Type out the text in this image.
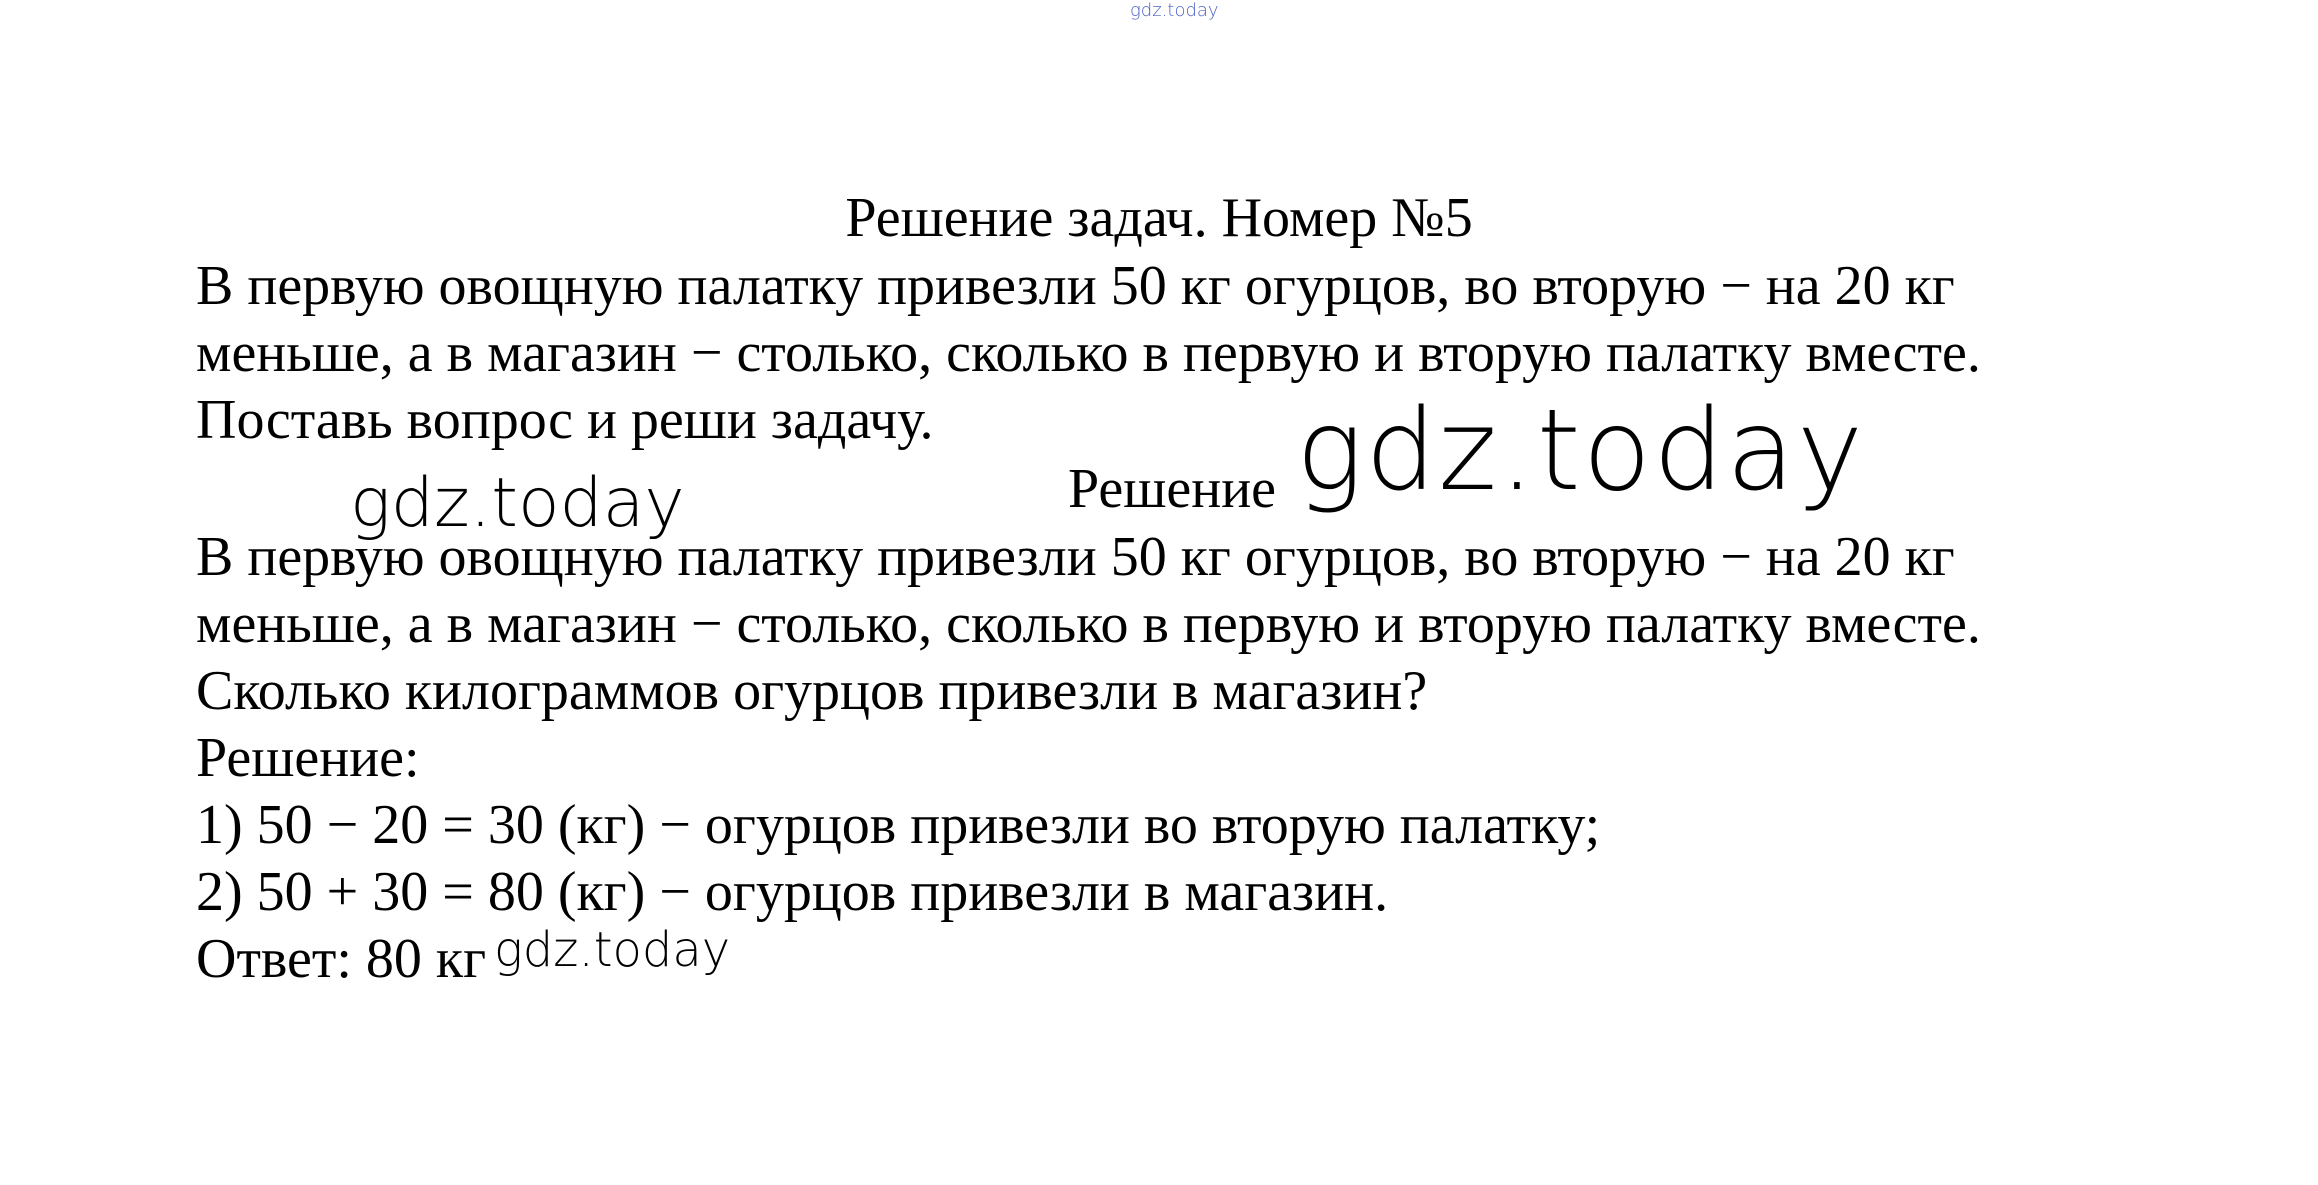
gdz.today
Решение задач. Номер №5
В первую овощную палатку привезли 50 кг огурцов, во вторую − на 20 кг
меньше, а в магазин − столько, сколько в первую и вторую палатку вместе.
Поставь вопрос и реши задачу.
Решение
В первую овощную палатку привезли 50 кг огурцов, во вторую − на 20 кг
меньше, а в магазин − столько, сколько в первую и вторую палатку вместе.
Сколько килограммов огурцов привезли в магазин?
Решение:
1) 50 − 20 = 30 (кг) − огурцов привезли во вторую палатку;
2) 50 + 30 = 80 (кг) − огурцов привезли в магазин.
Ответ: 80 кг
gdz.today
gdz.today
gdz.today
